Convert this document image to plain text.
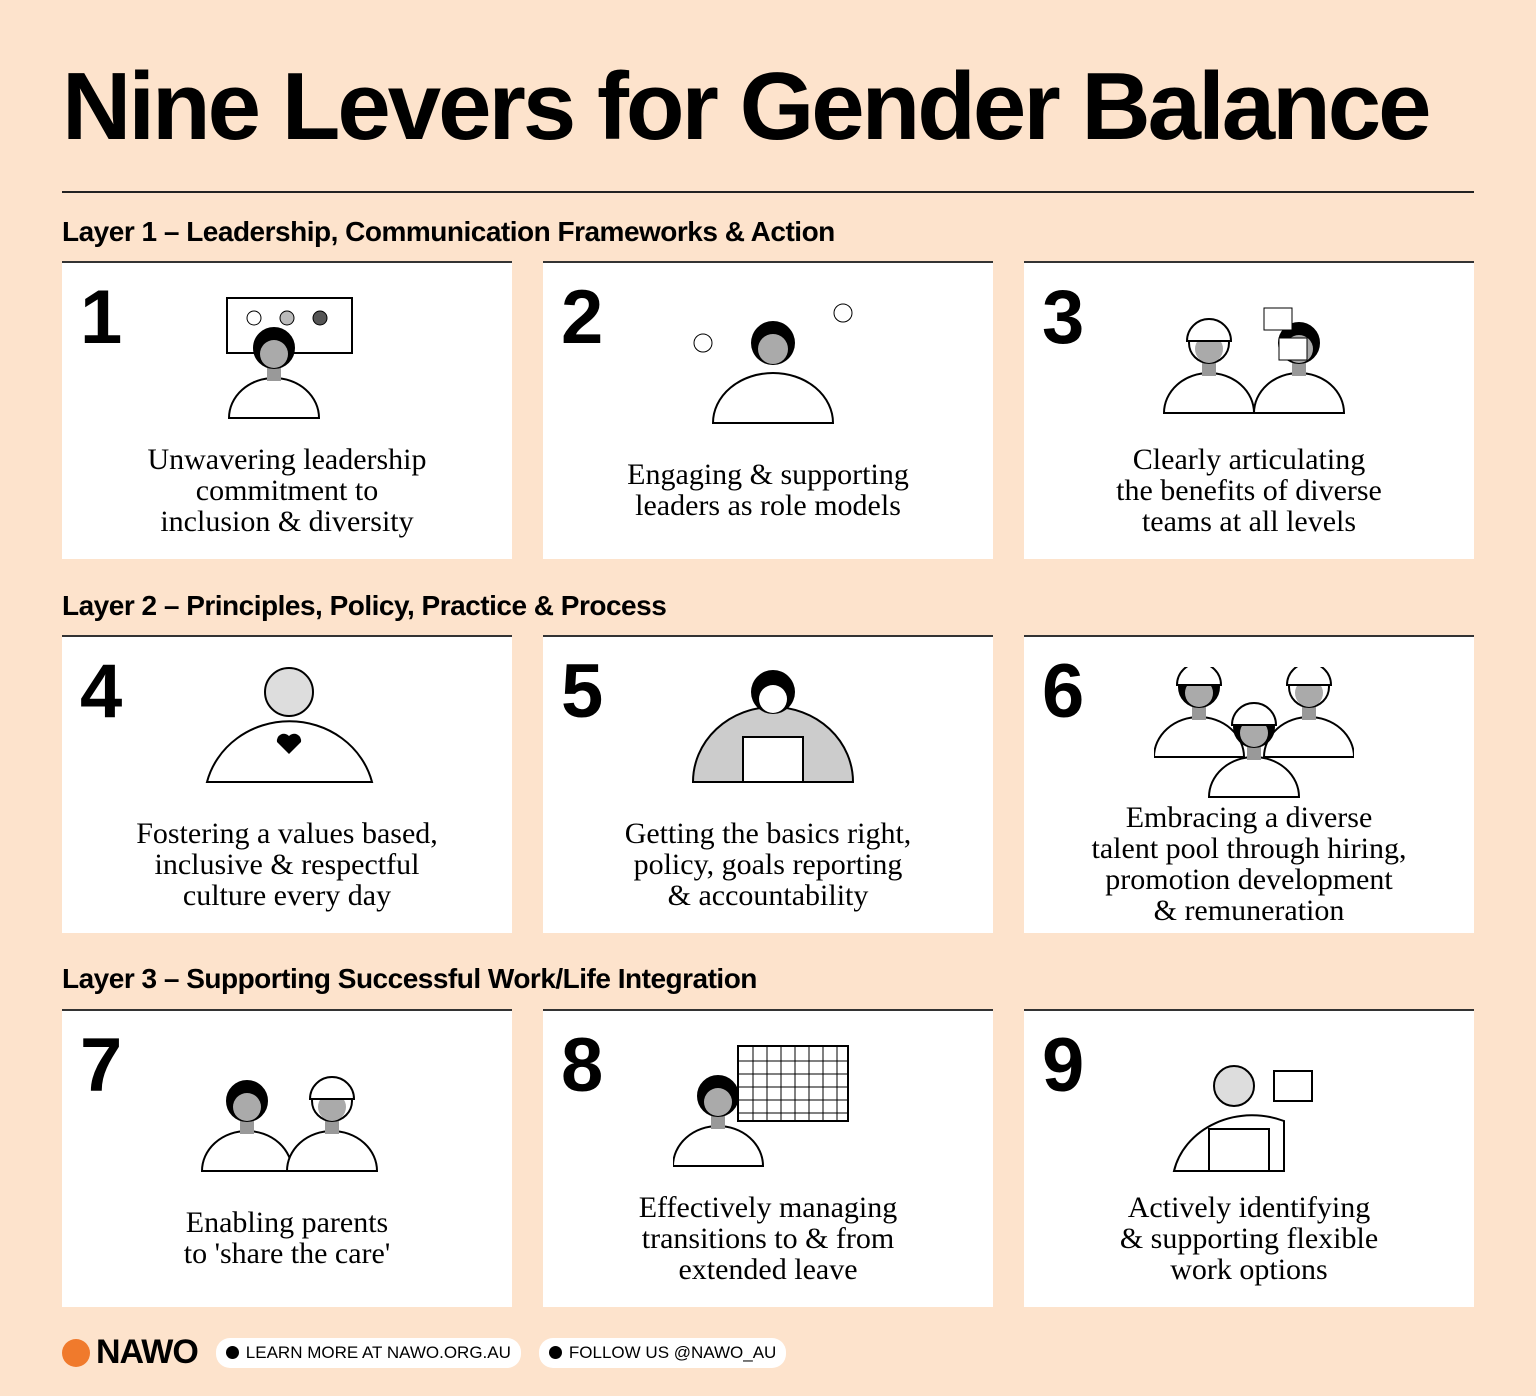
Nine Levers for Gender Balance
Layer 1 – Leadership, Communication Frameworks & Action
Layer 2 – Principles, Policy, Practice & Process
Layer 3 – Supporting Successful Work/Life Integration
1
Unwavering leadership
commitment to
inclusion & diversity
2
Engaging & supporting
leaders as role models
3
Clearly articulating
the benefits of diverse
teams at all levels
4
Fostering a values based,
inclusive & respectful
culture every day
5
Getting the basics right,
policy, goals reporting
& accountability
6
Embracing a diverse
talent pool through hiring,
promotion development
& remuneration
7
Enabling parents
to 'share the care'
8
Effectively managing
transitions to & from
extended leave
9
Actively identifying
& supporting flexible
work options
NAWO	LEARN MORE AT NAWO.ORG.AU	FOLLOW US @NAWO_AU
